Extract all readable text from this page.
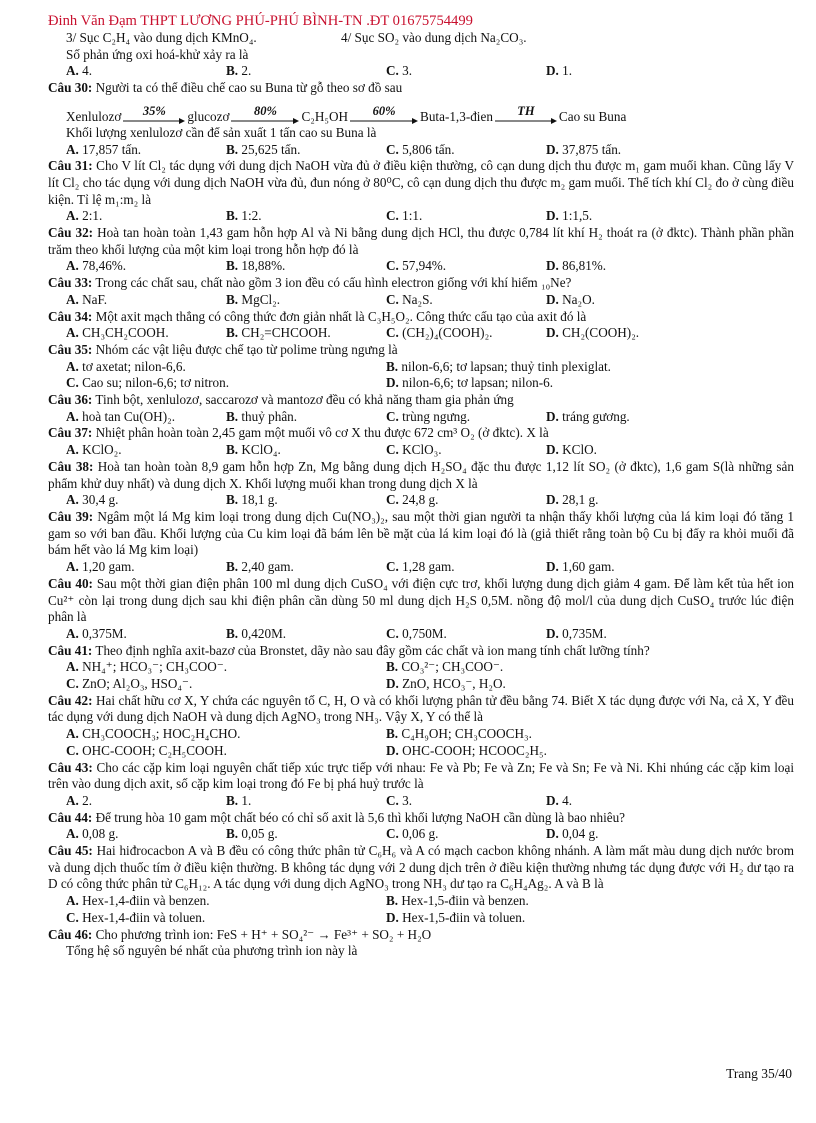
Đinh Văn Đạm THPT LƯƠNG PHÚ-PHÚ BÌNH-TN .ĐT 01675754499
3/ Sục C₂H₄ vào dung dịch KMnO₄.	4/ Sục SO₂ vào dung dịch Na₂CO₃.
Số phản ứng oxi hoá-khử xảy ra là
A. 4.	B. 2.	C. 3.	D. 1.
Câu 30: Người ta có thể điều chế cao su Buna từ gỗ theo sơ đồ sau
Xenlulozơ 35% glucozơ 80% C₂H₅OH 60% Buta-1,3-đien TH Cao su Buna
Khối lượng xenlulozơ cần để sản xuất 1 tấn cao su Buna là
A. 17,857 tấn.	B. 25,625 tấn.	C. 5,806 tấn.	D. 37,875 tấn.
Câu 31: Cho V lít Cl₂ tác dụng với dung dịch NaOH vừa đủ ở điều kiện thường, cô cạn dung dịch thu được m₁ gam muối khan. Cũng lấy V lít Cl₂ cho tác dụng với dung dịch NaOH vừa đủ, đun nóng ở 80⁰C, cô cạn dung dịch thu được m₂ gam muối. Thể tích khí Cl₂ đo ở cùng điều kiện. Tỉ lệ m₁:m₂ là
A. 2:1.	B. 1:2.	C. 1:1.	D. 1:1,5.
Câu 32: Hoà tan hoàn toàn 1,43 gam hỗn hợp Al và Ni bằng dung dịch HCl, thu được 0,784 lít khí H₂ thoát ra (ở đktc). Thành phần phần trăm theo khối lượng của một kim loại trong hỗn hợp đó là
A. 78,46%.	B. 18,88%.	C. 57,94%.	D. 86,81%.
Câu 33: Trong các chất sau, chất nào gồm 3 ion đều có cấu hình electron giống với khí hiếm ₁₀Ne?
A. NaF.	B. MgCl₂.	C. Na₂S.	D. Na₂O.
Câu 34: Một axit mạch thẳng có công thức đơn giản nhất là C₃H₅O₂. Công thức cấu tạo của axit đó là
A. CH₃CH₂COOH.	B. CH₂=CHCOOH.	C. (CH₂)₄(COOH)₂.	D. CH₂(COOH)₂.
Câu 35: Nhóm các vật liệu được chế tạo từ polime trùng ngưng là
A. tơ axetat; nilon-6,6.	B. nilon-6,6; tơ lapsan; thuỷ tinh plexiglat.
C. Cao su; nilon-6,6; tơ nitron.	D. nilon-6,6; tơ lapsan; nilon-6.
Câu 36: Tinh bột, xenlulozơ, saccarozơ và mantozơ đều có khả năng tham gia phản ứng
A. hoà tan Cu(OH)₂.	B. thuỷ phân.	C. trùng ngưng.	D. tráng gương.
Câu 37: Nhiệt phân hoàn toàn 2,45 gam một muối vô cơ X thu được 672 cm³ O₂ (ở đktc). X là
A. KClO₂.	B. KClO₄.	C. KClO₃.	D. KClO.
Câu 38: Hoà tan hoàn toàn 8,9 gam hỗn hợp Zn, Mg bằng dung dịch H₂SO₄ đặc thu được 1,12 lít SO₂ (ở đktc), 1,6 gam S(là những sản phẩm khử duy nhất) và dung dịch X. Khối lượng muối khan trong dung dịch X là
A. 30,4 g.	B. 18,1 g.	C. 24,8 g.	D. 28,1 g.
Câu 39: Ngâm một lá Mg kim loại trong dung dịch Cu(NO₃)₂, sau một thời gian người ta nhận thấy khối lượng của lá kim loại đó tăng 1 gam so với ban đầu. Khối lượng của Cu kim loại đã bám lên bề mặt của lá kim loại đó là (giả thiết rằng toàn bộ Cu bị đẩy ra khỏi muối đã bám hết vào lá Mg kim loại)
A. 1,20 gam.	B. 2,40 gam.	C. 1,28 gam.	D. 1,60 gam.
Câu 40: Sau một thời gian điện phân 100 ml dung dịch CuSO₄ với điện cực trơ, khối lượng dung dịch giảm 4 gam. Để làm kết tủa hết ion Cu²⁺ còn lại trong dung dịch sau khi điện phân cần dùng 50 ml dung dịch H₂S 0,5M. nồng độ mol/l của dung dịch CuSO₄ trước lúc điện phân là
A. 0,375M.	B. 0,420M.	C. 0,750M.	D. 0,735M.
Câu 41: Theo định nghĩa axit-bazơ của Bronstet, dãy nào sau đây gồm các chất và ion mang tính chất lưỡng tính?
A. NH₄⁺; HCO₃⁻; CH₃COO⁻.	B. CO₃²⁻; CH₃COO⁻.
C. ZnO; Al₂O₃, HSO₄⁻.	D. ZnO, HCO₃⁻, H₂O.
Câu 42: Hai chất hữu cơ X, Y chứa các nguyên tố C, H, O và có khối lượng phân tử đều bằng 74. Biết X tác dụng được với Na, cả X, Y đều tác dụng với dung dịch NaOH và dung dịch AgNO₃ trong NH₃. Vậy X, Y có thể là
A. CH₃COOCH₃; HOC₂H₄CHO.	B. C₄H₉OH; CH₃COOCH₃.
C. OHC-COOH; C₂H₅COOH.	D. OHC-COOH; HCOOC₂H₅.
Câu 43: Cho các cặp kim loại nguyên chất tiếp xúc trực tiếp với nhau: Fe và Pb; Fe và Zn; Fe và Sn; Fe và Ni. Khi nhúng các cặp kim loại trên vào dung dịch axit, số cặp kim loại trong đó Fe bị phá huỷ trước là
A. 2.	B. 1.	C. 3.	D. 4.
Câu 44: Để trung hòa 10 gam một chất béo có chỉ số axit là 5,6 thì khối lượng NaOH cần dùng là bao nhiêu?
A. 0,08 g.	B. 0,05 g.	C. 0,06 g.	D. 0,04 g.
Câu 45: Hai hiđrocacbon A và B đều có công thức phân tử C₆H₆ và A có mạch cacbon không nhánh. A làm mất màu dung dịch nước brom và dung dịch thuốc tím ở điều kiện thường. B không tác dụng với 2 dung dịch trên ở điều kiện thường nhưng tác dụng được với H₂ dư tạo ra D có công thức phân tử C₆H₁₂. A tác dụng với dung dịch AgNO₃ trong NH₃ dư tạo ra C₆H₄Ag₂. A và B là
A. Hex-1,4-điin và benzen.	B. Hex-1,5-điin và benzen.
C. Hex-1,4-điin và toluen.	D. Hex-1,5-điin và toluen.
Câu 46: Cho phương trình ion: FeS + H⁺ + SO₄²⁻ → Fe³⁺ + SO₂ + H₂O
Tổng hệ số nguyên bé nhất của phương trình ion này là
Trang 35/40
